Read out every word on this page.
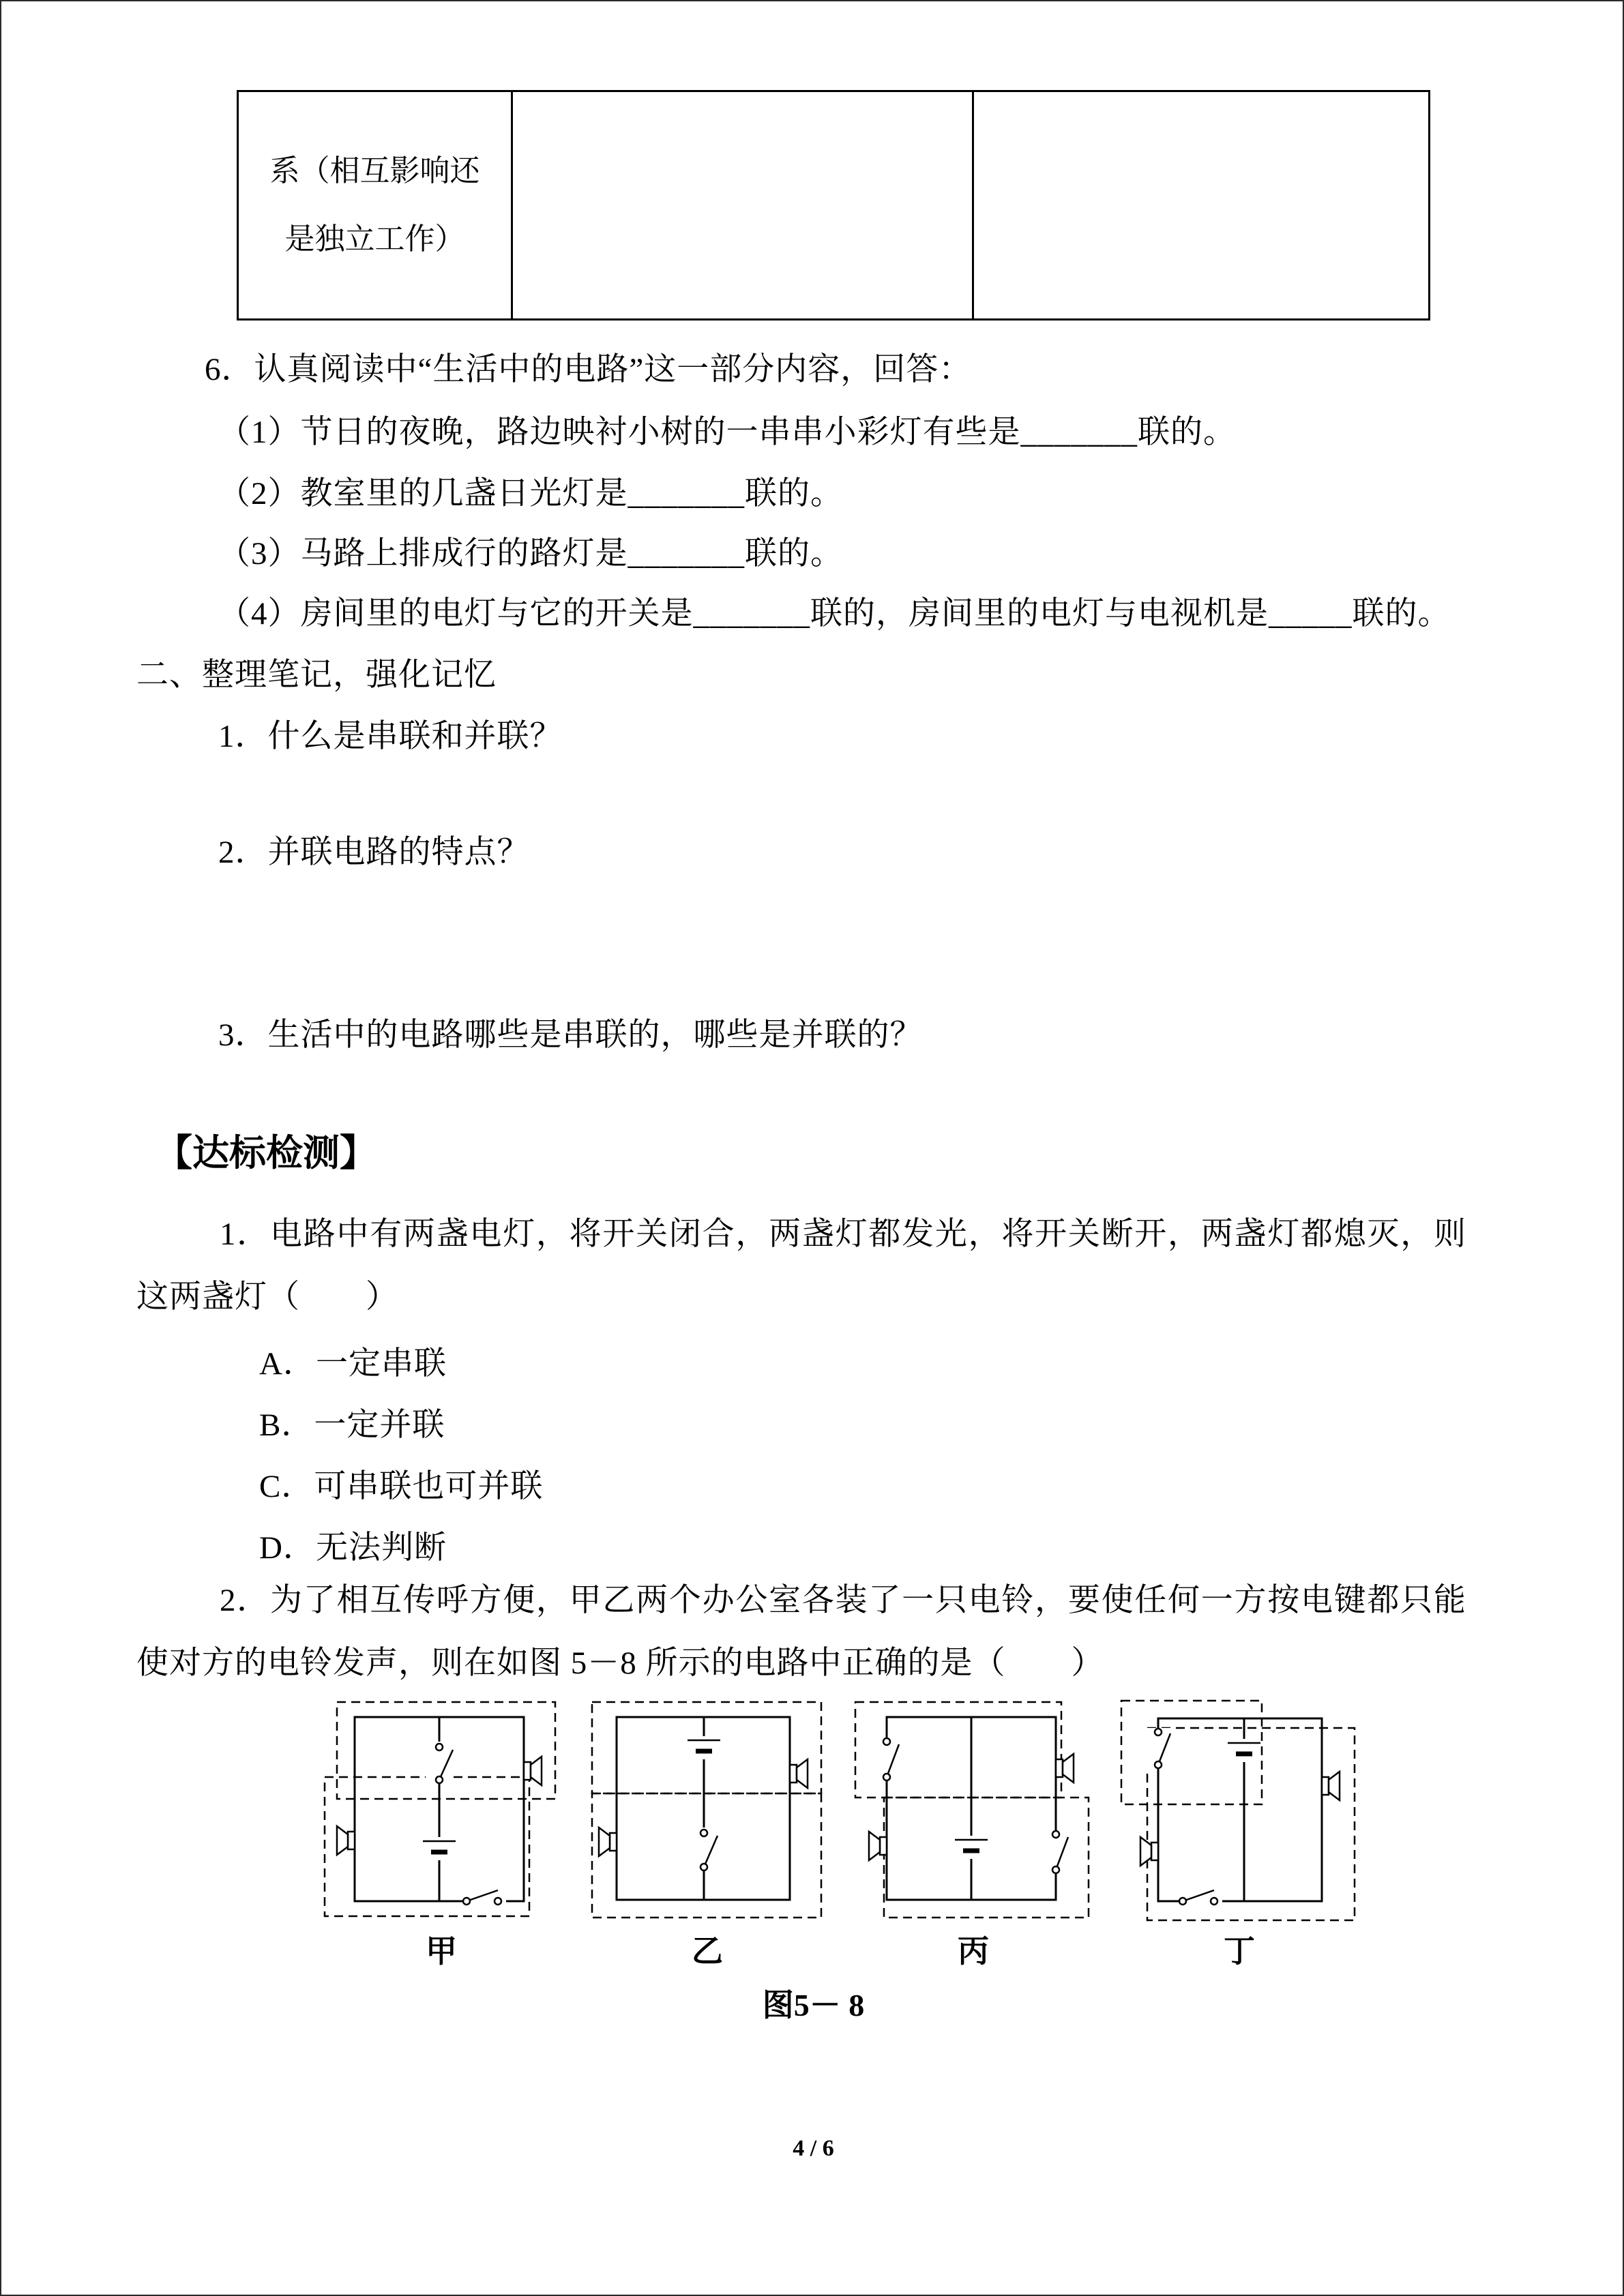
系（相互影响还
是独立工作）

6．认真阅读中“生活中的电路”这一部分内容，回答：
（1）节日的夜晚，路边映衬小树的一串串小彩灯有些是_______联的。
（2）教室里的几盏日光灯是_______联的。
（3）马路上排成行的路灯是_______联的。
（4）房间里的电灯与它的开关是_______联的，房间里的电灯与电视机是_____联的。
二、整理笔记，强化记忆
1．什么是串联和并联？
2．并联电路的特点？
3．生活中的电路哪些是串联的，哪些是并联的？
【达标检测】
1．电路中有两盏电灯，将开关闭合，两盏灯都发光，将开关断开，两盏灯都熄灭，则这两盏灯（　　）
A．一定串联
B．一定并联
C．可串联也可并联
D．无法判断
2．为了相互传呼方便，甲乙两个办公室各装了一只电铃，要使任何一方按电键都只能使对方的电铃发声，则在如图 5－8 所示的电路中正确的是（　　）
甲	乙	丙	丁
图5－ 8
4 / 6
